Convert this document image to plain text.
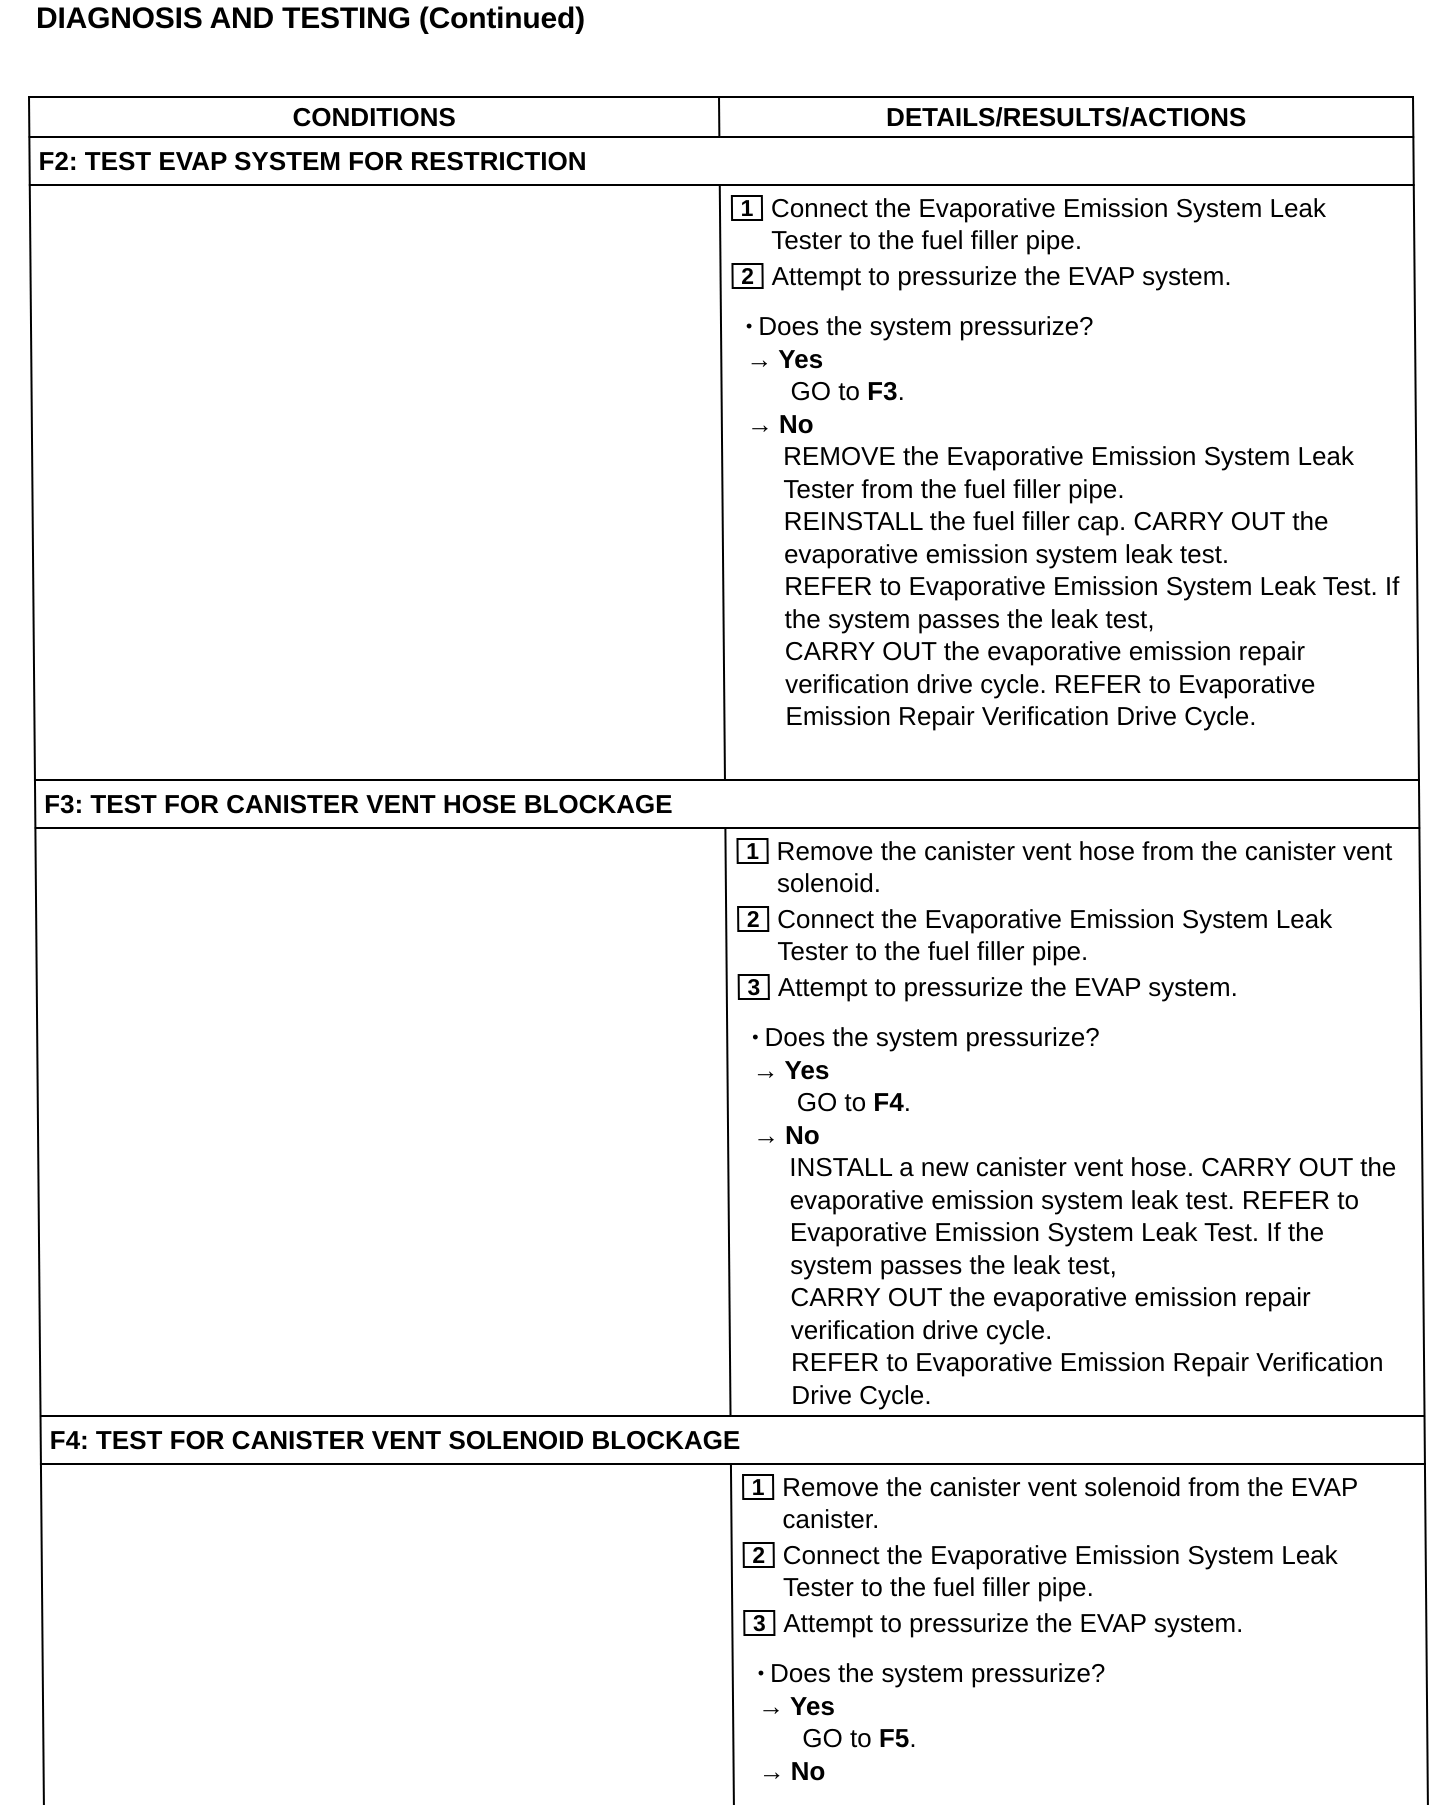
DIAGNOSIS AND TESTING (Continued)
CONDITIONS	DETAILS/RESULTS/ACTIONS
F2: TEST EVAP SYSTEM FOR RESTRICTION	

1 Connect the Evaporative Emission System Leak Tester to the fuel filler pipe.
2 Attempt to pressurize the EVAP system.
• Does the system pressurize?
→ Yes
GO to F3.
→ No
REMOVE the Evaporative Emission System Leak Tester from the fuel filler pipe.
REINSTALL the fuel filler cap. CARRY OUT the evaporative emission system leak test.
REFER to Evaporative Emission System Leak Test. If the system passes the leak test,
CARRY OUT the evaporative emission repair verification drive cycle. REFER to Evaporative Emission Repair Verification Drive Cycle.

F3: TEST FOR CANISTER VENT HOSE BLOCKAGE	

1 Remove the canister vent hose from the canister vent solenoid.
2 Connect the Evaporative Emission System Leak Tester to the fuel filler pipe.
3 Attempt to pressurize the EVAP system.
• Does the system pressurize?
→ Yes
GO to F4.
→ No
INSTALL a new canister vent hose. CARRY OUT the evaporative emission system leak test. REFER to Evaporative Emission System Leak Test. If the system passes the leak test,
CARRY OUT the evaporative emission repair verification drive cycle.
REFER to Evaporative Emission Repair Verification Drive Cycle.

F4: TEST FOR CANISTER VENT SOLENOID BLOCKAGE	

1 Remove the canister vent solenoid from the EVAP canister.
2 Connect the Evaporative Emission System Leak Tester to the fuel filler pipe.
3 Attempt to pressurize the EVAP system.
• Does the system pressurize?
→ Yes
GO to F5.
→ No
